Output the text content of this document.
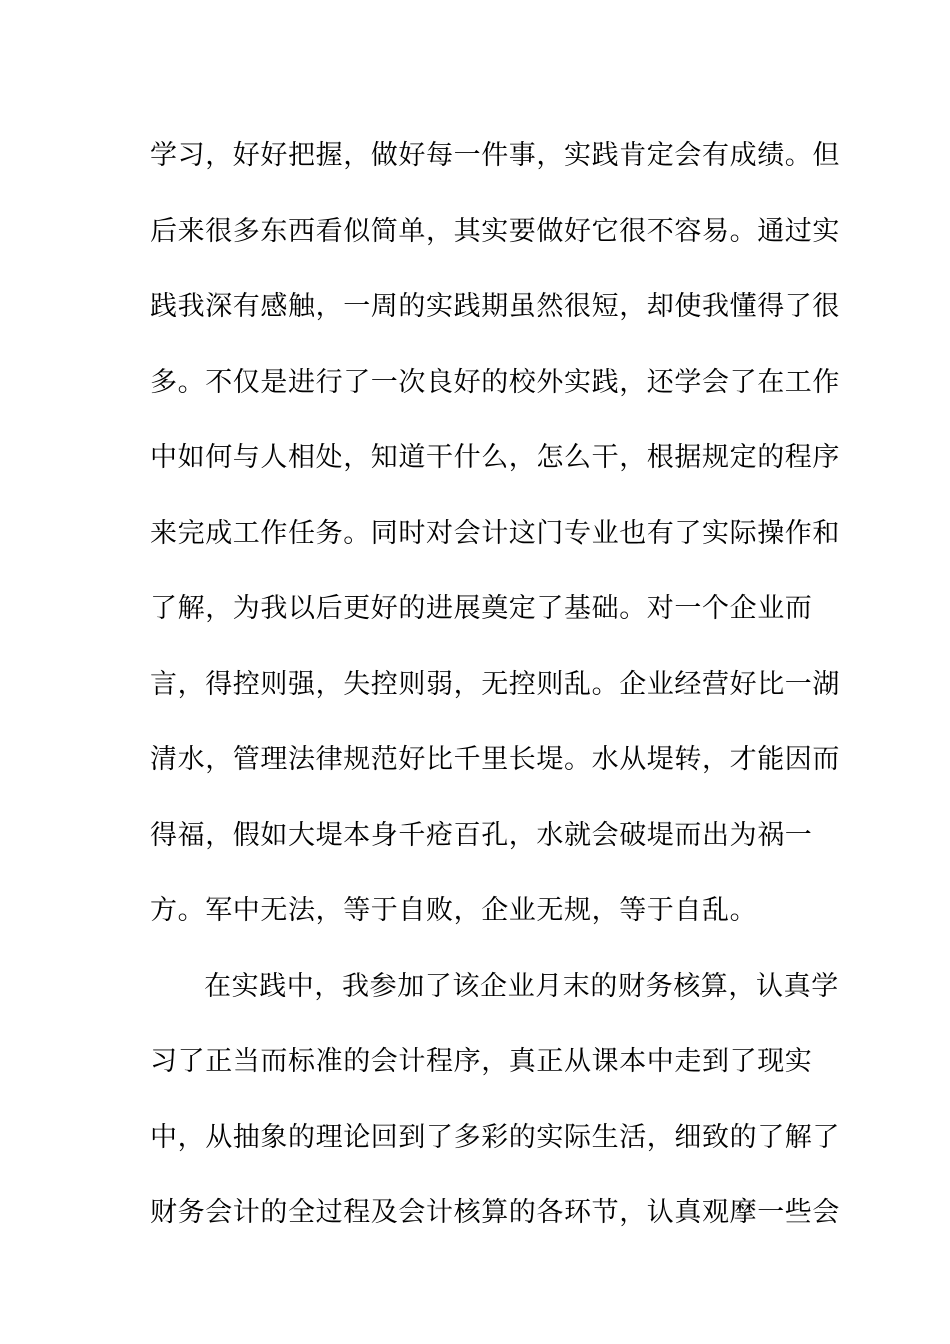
学习，好好把握，做好每一件事，实践肯定会有成绩。但
后来很多东西看似简单，其实要做好它很不容易。通过实
践我深有感触，一周的实践期虽然很短，却使我懂得了很
多。不仅是进行了一次良好的校外实践，还学会了在工作
中如何与人相处，知道干什么，怎么干，根据规定的程序
来完成工作任务。同时对会计这门专业也有了实际操作和
了解，为我以后更好的进展奠定了基础。对一个企业而
言，得控则强，失控则弱，无控则乱。企业经营好比一湖
清水，管理法律规范好比千里长堤。水从堤转，才能因而
得福，假如大堤本身千疮百孔，水就会破堤而出为祸一
方。军中无法，等于自败，企业无规，等于自乱。
在实践中，我参加了该企业月末的财务核算，认真学
习了正当而标准的会计程序，真正从课本中走到了现实
中，从抽象的理论回到了多彩的实际生活，细致的了解了
财务会计的全过程及会计核算的各环节，认真观摩一些会
